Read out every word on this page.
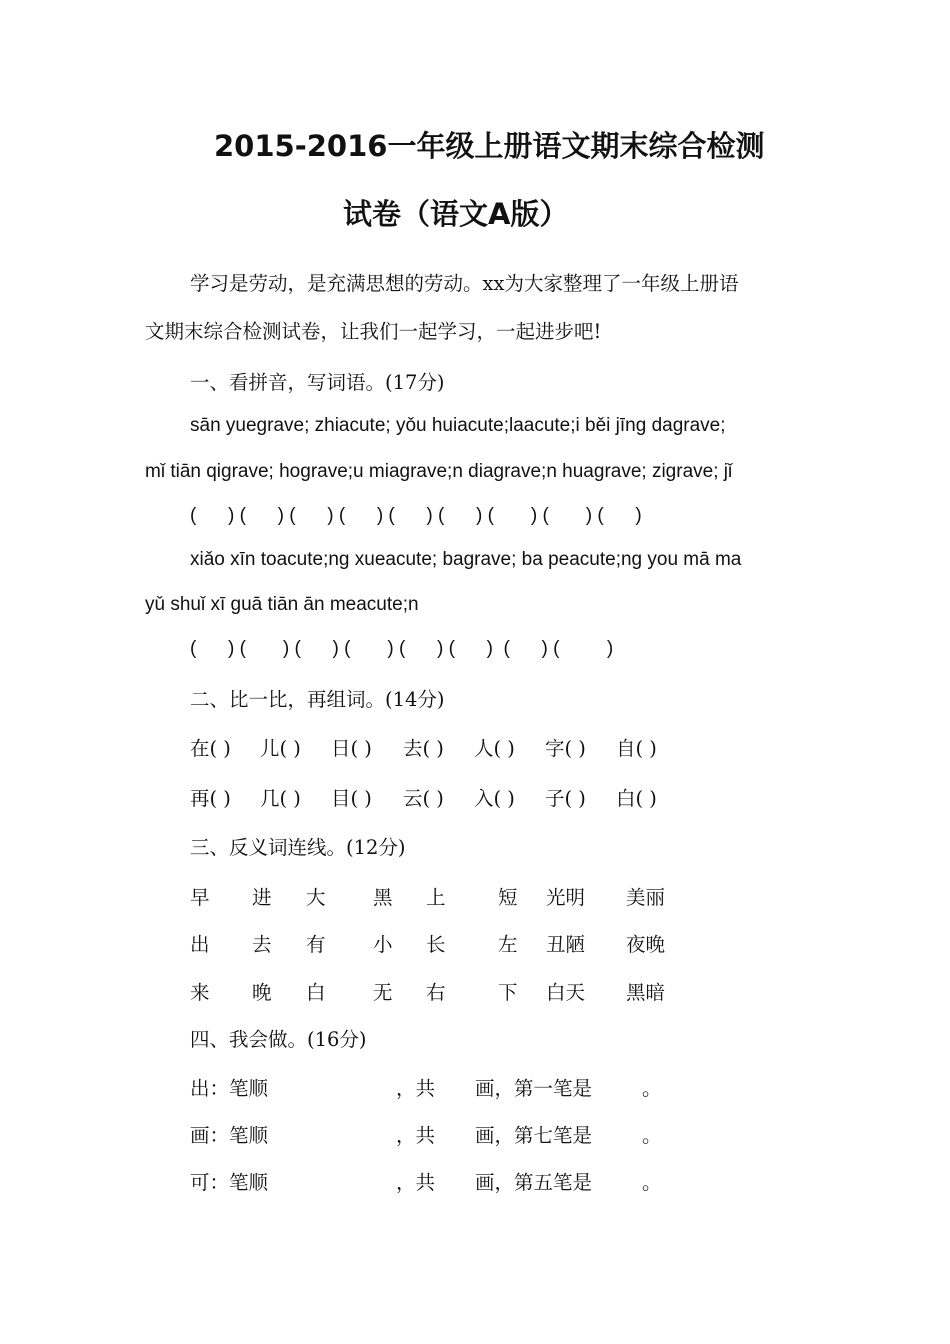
2015-2016一年级上册语文期末综合检测
试卷（语文A版）
学习是劳动，是充满思想的劳动。xx为大家整理了一年级上册语
文期末综合检测试卷，让我们一起学习，一起进步吧!
一、看拼音，写词语。(17分)
sān yuegrave; zhiacute; yǒu huiacute;laacute;i běi jīng dagrave;
mǐ tiān qigrave; hograve;u miagrave;n diagrave;n huagrave; zigrave; jǐ
(      ) (      ) (      ) (      ) (      ) (      ) (       ) (       ) (      )
xiǎo xīn toacute;ng xueacute; bagrave; ba peacute;ng you mā ma
yǔ shuǐ xī guā tiān ān meacute;n
(      ) (       ) (      ) (       ) (      ) (      )  (      ) (         )
二、比一比，再组词。(14分)
在( ) 儿( ) 日( ) 去( ) 人( ) 字( ) 自( )
再( ) 几( ) 目( ) 云( ) 入( ) 子( ) 白( )
三、反义词连线。(12分)
早 进 大 黑 上	短 光明 美丽
出 去 有 小 长	左 丑陋 夜晚
来 晚 白 无 右	下 白天 黑暗
四、我会做。(16分)
出：笔顺	，共 画，第一笔是	。
画：笔顺	，共 画，第七笔是	。
可：笔顺	，共 画，第五笔是	。
